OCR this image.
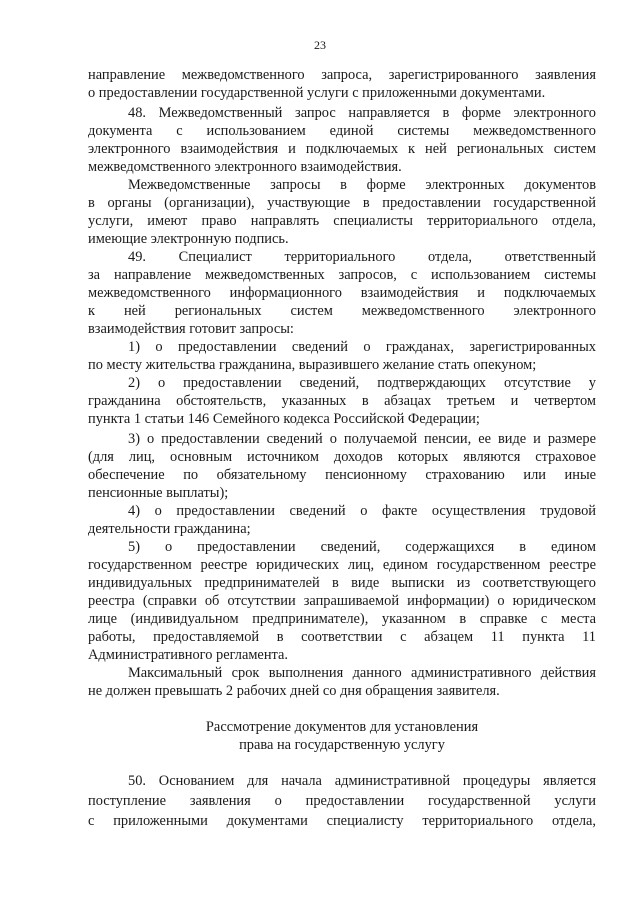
23

направление межведомственного запроса, зарегистрированного заявления

о предоставлении государственной услуги с приложенными документами.

48. Межведомственный запрос направляется в форме электронного

документа с использованием единой системы межведомственного

электронного взаимодействия и подключаемых к ней региональных систем

межведомственного электронного взаимодействия.

Межведомственные запросы в форме электронных документов

в органы (организации), участвующие в предоставлении государственной

услуги, имеют право направлять специалисты территориального отдела,

имеющие электронную подпись.

49. Специалист территориального отдела, ответственный

за направление межведомственных запросов, с использованием системы

межведомственного информационного взаимодействия и подключаемых

к ней региональных систем межведомственного электронного

взаимодействия готовит запросы:

1) о предоставлении сведений о гражданах, зарегистрированных

по месту жительства гражданина, выразившего желание стать опекуном;

2) о предоставлении сведений, подтверждающих отсутствие у

гражданина обстоятельств, указанных в абзацах третьем и четвертом

пункта 1 статьи 146 Семейного кодекса Российской Федерации;

3) о предоставлении сведений о получаемой пенсии, ее виде и размере

(для лиц, основным источником доходов которых являются страховое

обеспечение по обязательному пенсионному страхованию или иные

пенсионные выплаты);

4) о предоставлении сведений о факте осуществления трудовой

деятельности гражданина;

5) о предоставлении сведений, содержащихся в едином

государственном реестре юридических лиц, едином государственном реестре

индивидуальных предпринимателей в виде выписки из соответствующего

реестра (справки об отсутствии запрашиваемой информации) о юридическом

лице (индивидуальном предпринимателе), указанном в справке с места

работы, предоставляемой в соответствии с абзацем 11 пункта 11

Административного регламента.

Максимальный срок выполнения данного административного действия

не должен превышать 2 рабочих дней со дня обращения заявителя.

Рассмотрение документов для установления

права на государственную услугу

50. Основанием для начала административной процедуры является

поступление заявления о предоставлении государственной услуги

с приложенными документами специалисту территориального отдела,
